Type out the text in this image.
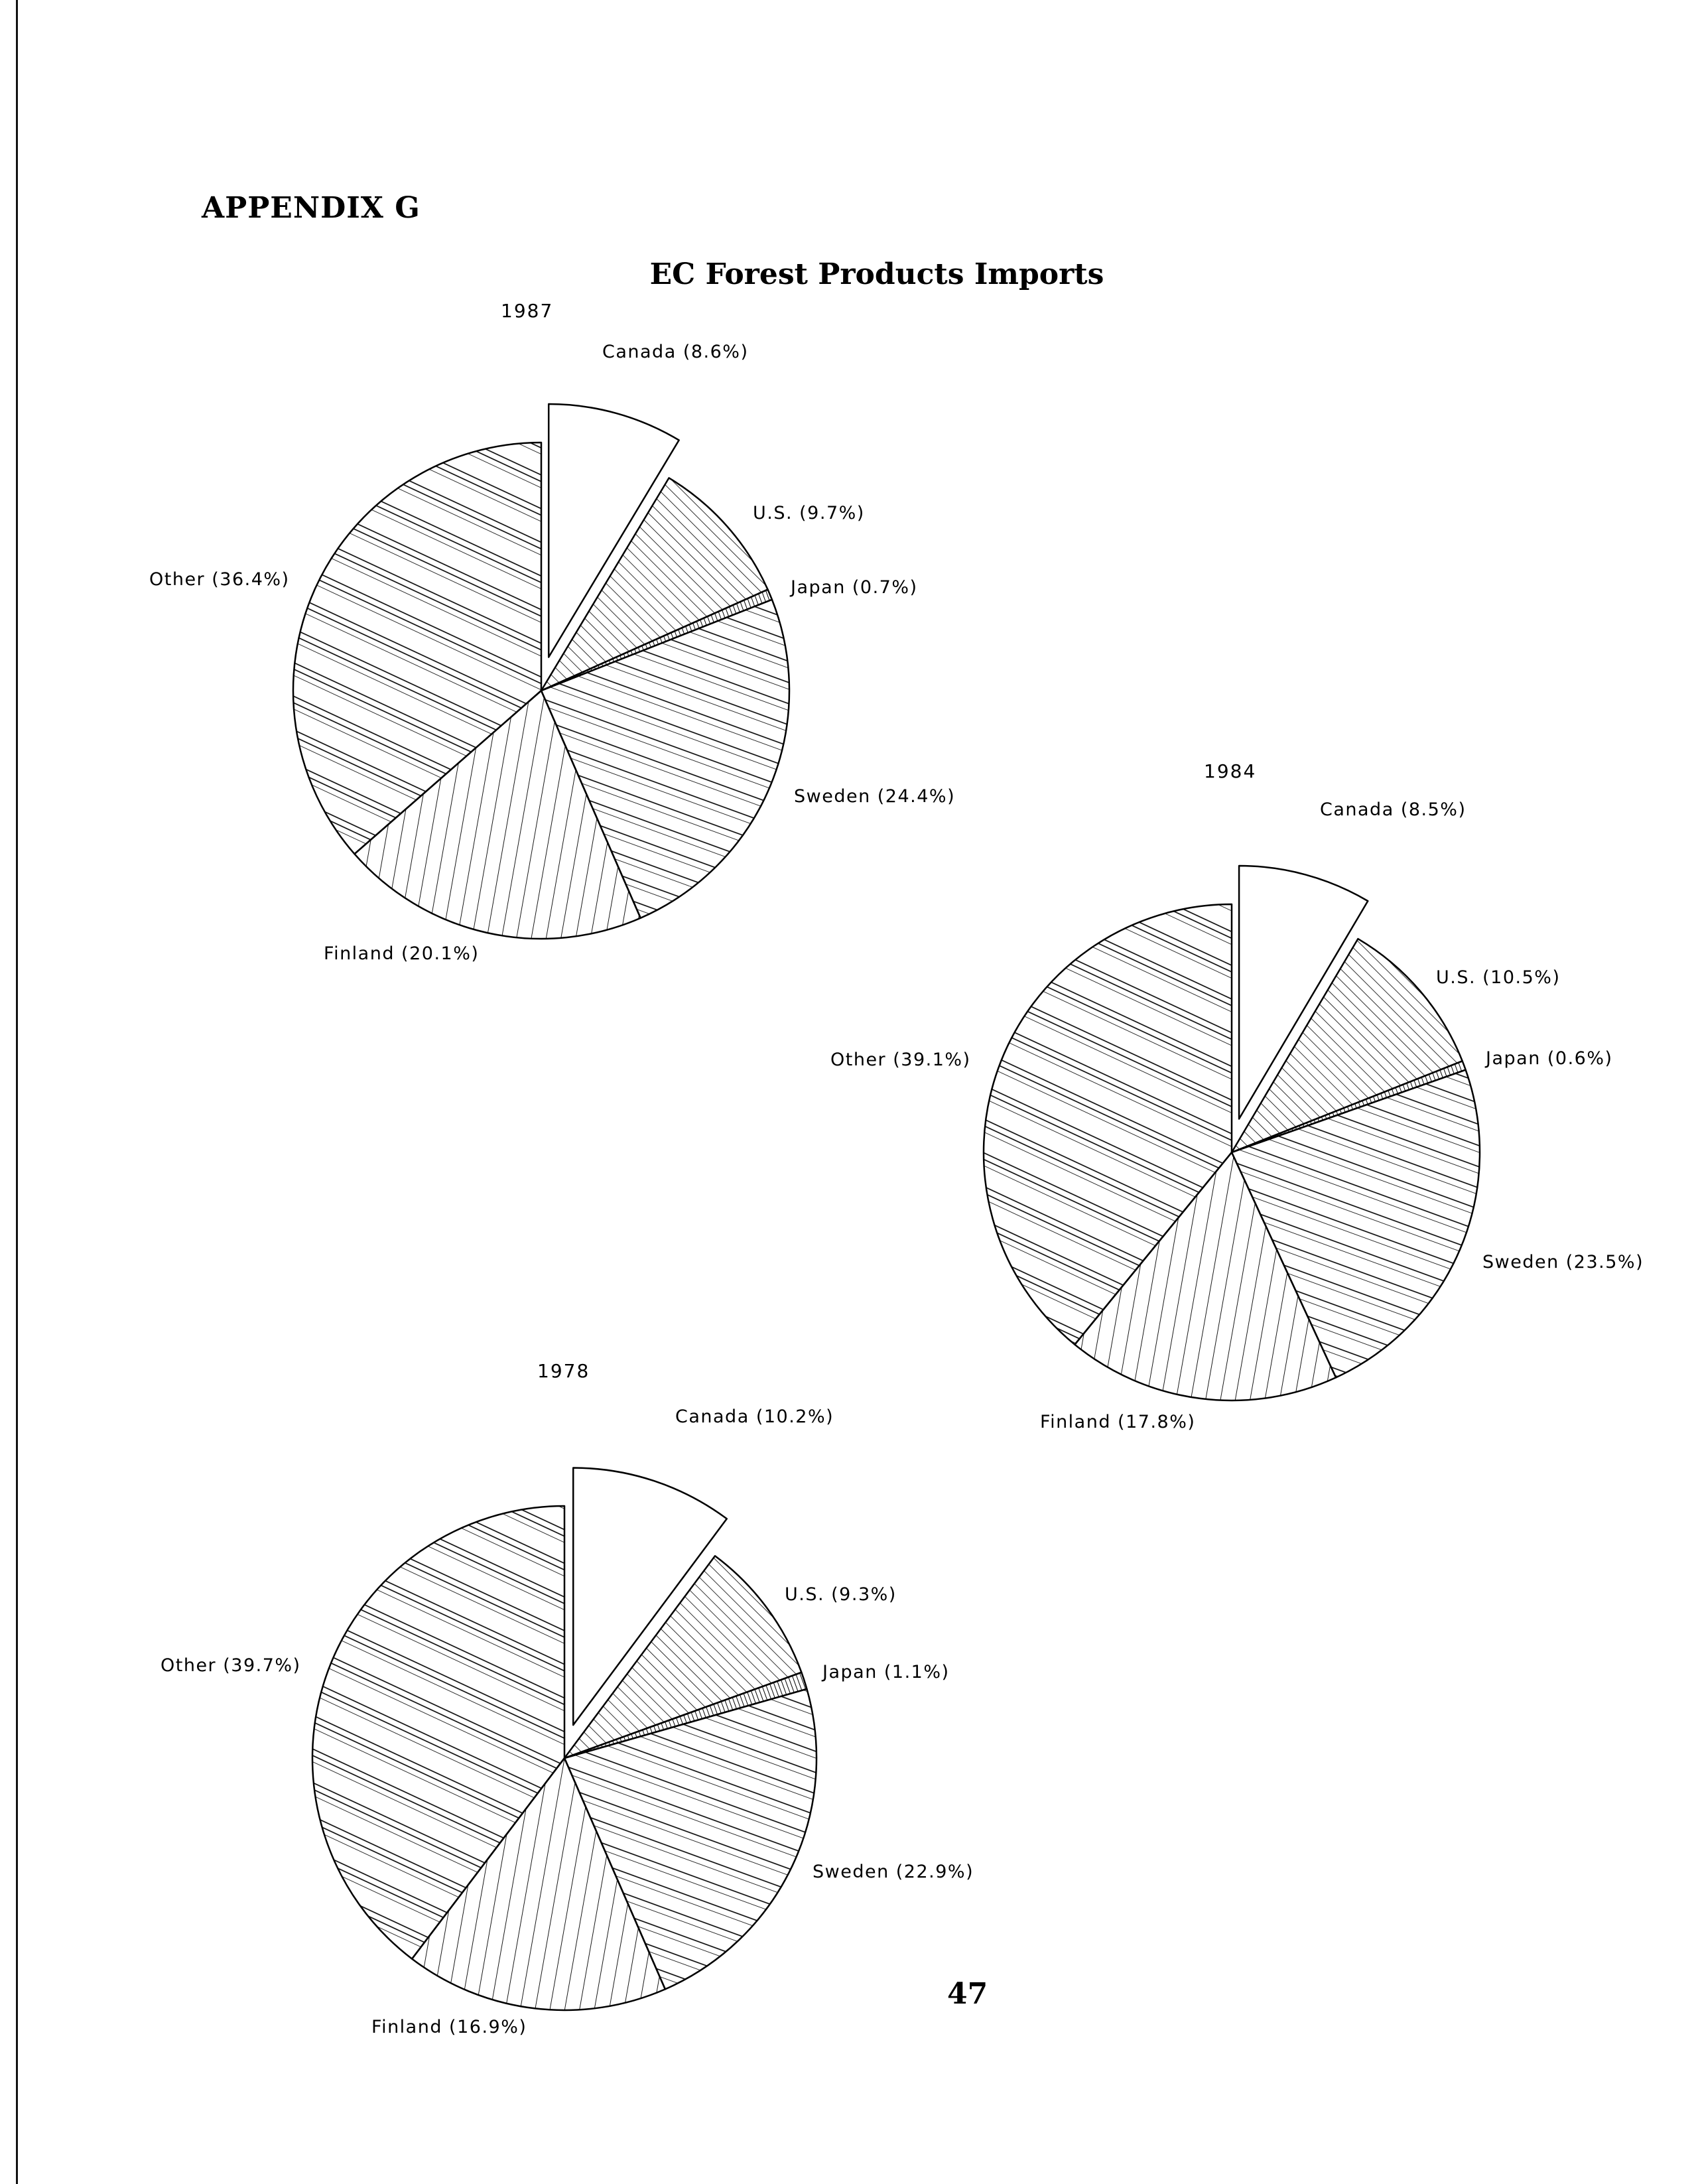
APPENDIX G
EC Forest Products Imports
Canada (8.6%)
U.S. (9.7%)
Japan (0.7%)
Sweden (24.4%)
Finland (20.1%)
Other (36.4%)
1987
Canada (8.5%)
U.S. (10.5%)
Japan (0.6%)
Sweden (23.5%)
Finland (17.8%)
Other (39.1%)
1984
Canada (10.2%)
U.S. (9.3%)
Japan (1.1%)
Sweden (22.9%)
Finland (16.9%)
Other (39.7%)
1978
47
